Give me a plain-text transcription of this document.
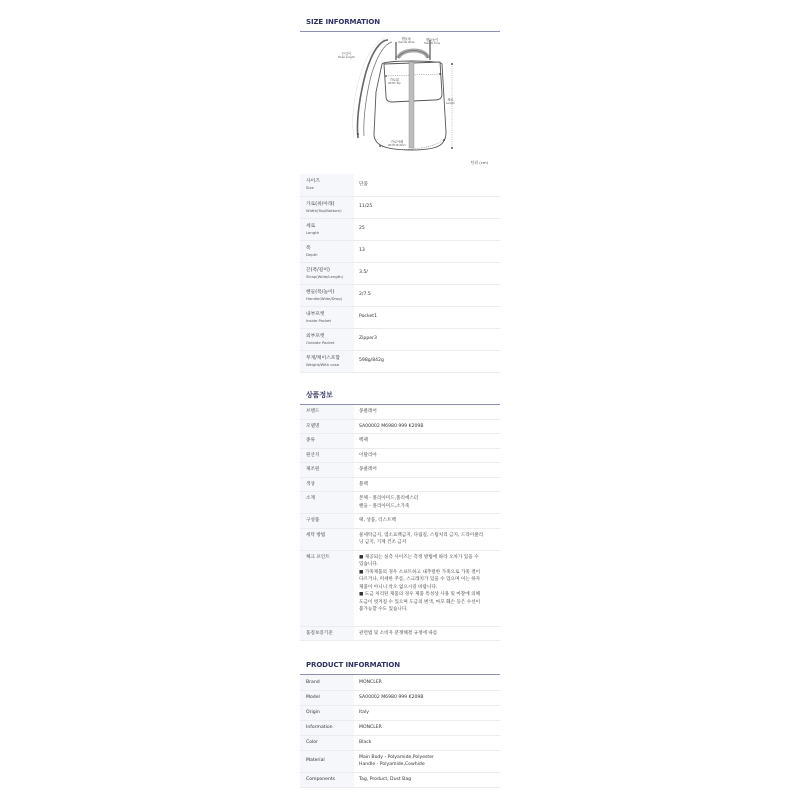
SIZE INFORMATION
끈길이
Strap Length
핸들폭
Handle Wide
핸들높이
Handle Drop
가로위
Width Top
세로
Length
가로아래
Width Bottom
단위 (cm)
사이즈
Size	단품

가로(위/아래)
Width(Top/Bottom)	11/25

세로
Length	25

폭
Depth	13

끈(폭/길이)
Strap(Wide/Length)	3.5/

핸들(폭/높이)
Handle(Wide/Drop)	2/7.5

내부포켓
Inside Pocket	Pocket1

외부포켓
Outside Pocket	Zipper3

무게/케이스포함
Weight/With case	598g/842g
상품정보
브랜드	몽클레어
모델명	SA00002 M6980 999 K209B
종류	백팩
원산지	이탈리아
제조원	몽클레어
색상	블랙
소재	본체 - 폴리아미드,폴리에스터
핸들 - 폴리아미드,소가죽

구성품	택, 상품, 더스트백
세탁 방법	물세탁금지, 염소표백금지, 다림질, 스팀처리 금지, 드라이클리
닝 금지, 기계 건조 금지

체크 포인트	■ 제공되는 실측 사이즈는 측정 방법에 따라 오차가 있을 수
있습니다.
■ 가죽제품의 경우 소프트하고 내추럴한 가죽으로 가죽 결이
다르거나, 미세한 주름, 스크래치가 있을 수 있으며 이는 하자
제품이 아니니 착오 없으시길 바랍니다.
■ 도금 처리된 제품의 경우 제품 특성상 사용 및 마찰에 의해
도금이 벗겨질 수 있으며 도금의 변색, 마모 훼손 등은 수선이
불가능할 수도 있습니다.

품질보증기준	관련법 및 소비자 분쟁해결 규정에 따름
PRODUCT INFORMATION
Brand	MONCLER
Model	SA00002 M6980 999 K209B
Origin	Italy
Information	MONCLER
Color	Black
Material	Main Body - Polyamide,Polyester
Handle - Polyamide,Cowhide

Components	Tag, Product, Dust Bag
